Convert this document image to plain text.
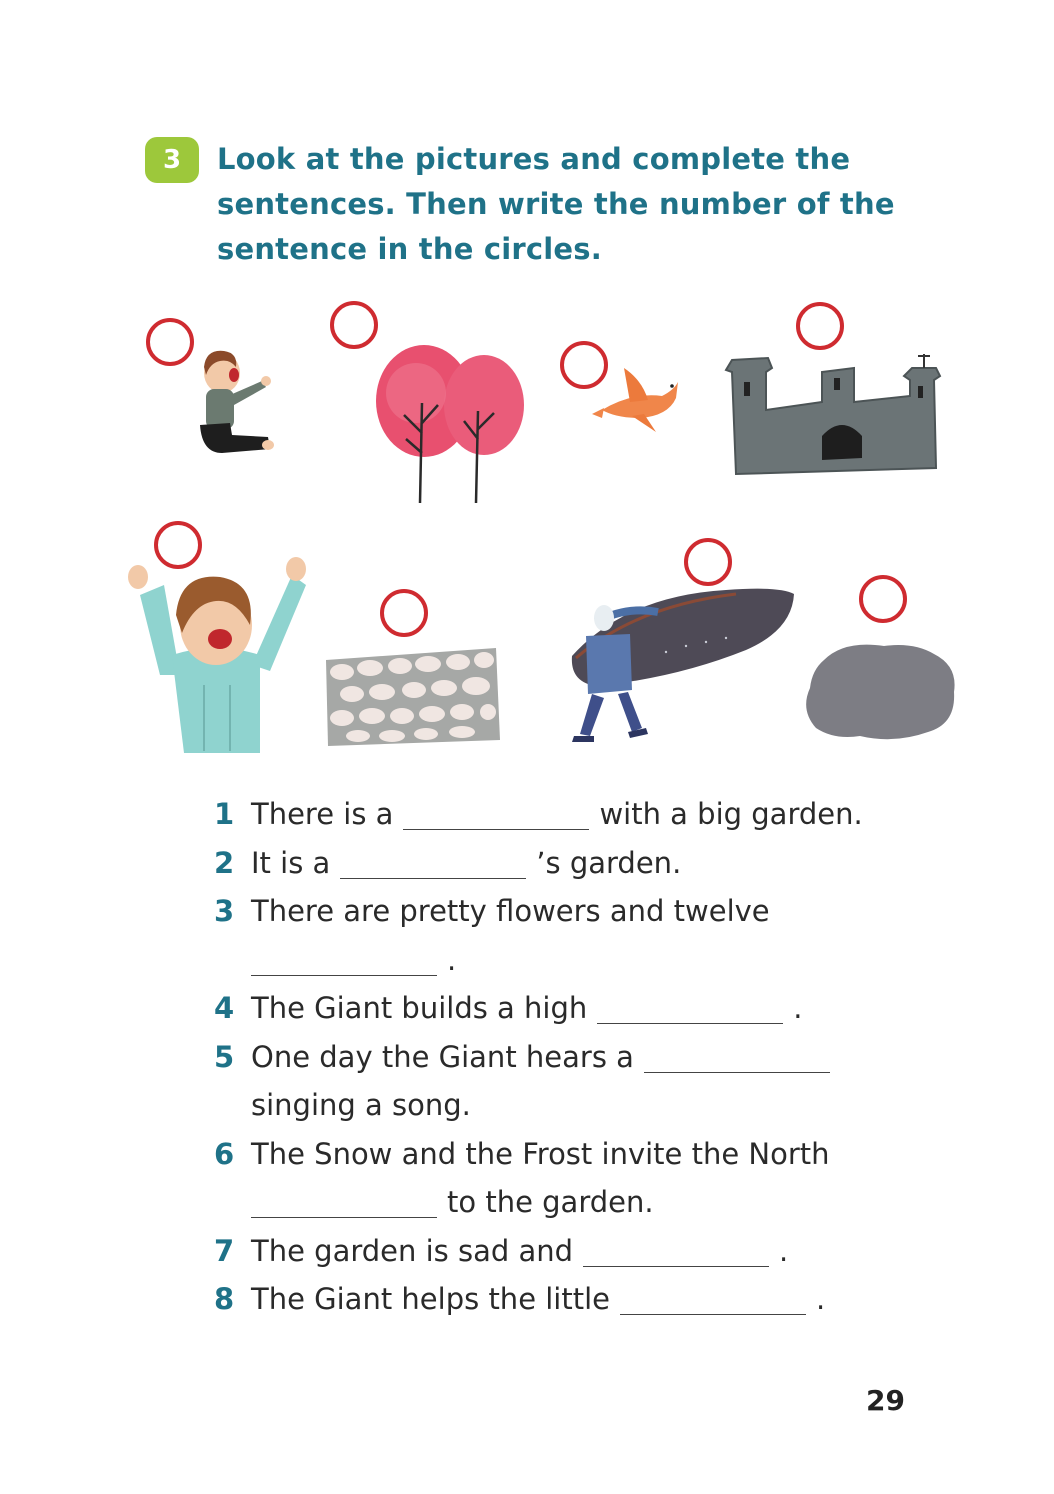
3	Look at the pictures and complete the
sentences. Then write the number of the
sentence in the circles.
1 There is a	with a big garden.
2 It is a	’s garden.
3 There are pretty flowers and twelve
.
4 The Giant builds a high	.
5 One day the Giant hears a
singing a song.
6 The Snow and the Frost invite the North
to the garden.
7 The garden is sad and	.
8 The Giant helps the little	.
29
